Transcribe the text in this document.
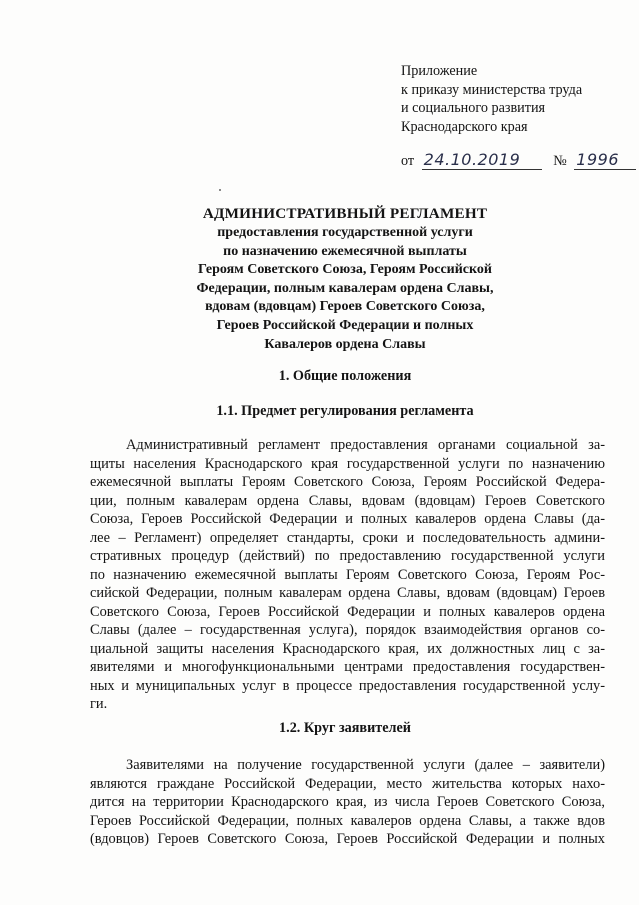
Приложение
к приказу министерства труда
и социального развития
Краснодарского края
от 24.10.2019 № 1996
АДМИНИСТРАТИВНЫЙ РЕГЛАМЕНТ
предоставления государственной услуги
по назначению ежемесячной выплаты
Героям Советского Союза, Героям Российской
Федерации, полным кавалерам ордена Славы,
вдовам (вдовцам) Героев Советского Союза,
Героев Российской Федерации и полных
Кавалеров ордена Славы
1. Общие положения
1.1. Предмет регулирования регламента
Административный регламент предоставления органами социальной за-
щиты населения Краснодарского края государственной услуги по назначению
ежемесячной выплаты Героям Советского Союза, Героям Российской Федера-
ции, полным кавалерам ордена Славы, вдовам (вдовцам) Героев Советского
Союза, Героев Российской Федерации и полных кавалеров ордена Славы (да-
лее – Регламент) определяет стандарты, сроки и последовательность админи-
стративных процедур (действий) по предоставлению государственной услуги
по назначению ежемесячной выплаты Героям Советского Союза, Героям Рос-
сийской Федерации, полным кавалерам ордена Славы, вдовам (вдовцам) Героев
Советского Союза, Героев Российской Федерации и полных кавалеров ордена
Славы (далее – государственная услуга), порядок взаимодействия органов со-
циальной защиты населения Краснодарского края, их должностных лиц с за-
явителями и многофункциональными центрами предоставления государствен-
ных и муниципальных услуг в процессе предоставления государственной услу-
ги.
1.2. Круг заявителей
Заявителями на получение государственной услуги (далее – заявители)
являются граждане Российской Федерации, место жительства которых нахо-
дится на территории Краснодарского края, из числа Героев Советского Союза,
Героев Российской Федерации, полных кавалеров ордена Славы, а также вдов
(вдовцов) Героев Советского Союза, Героев Российской Федерации и полных
